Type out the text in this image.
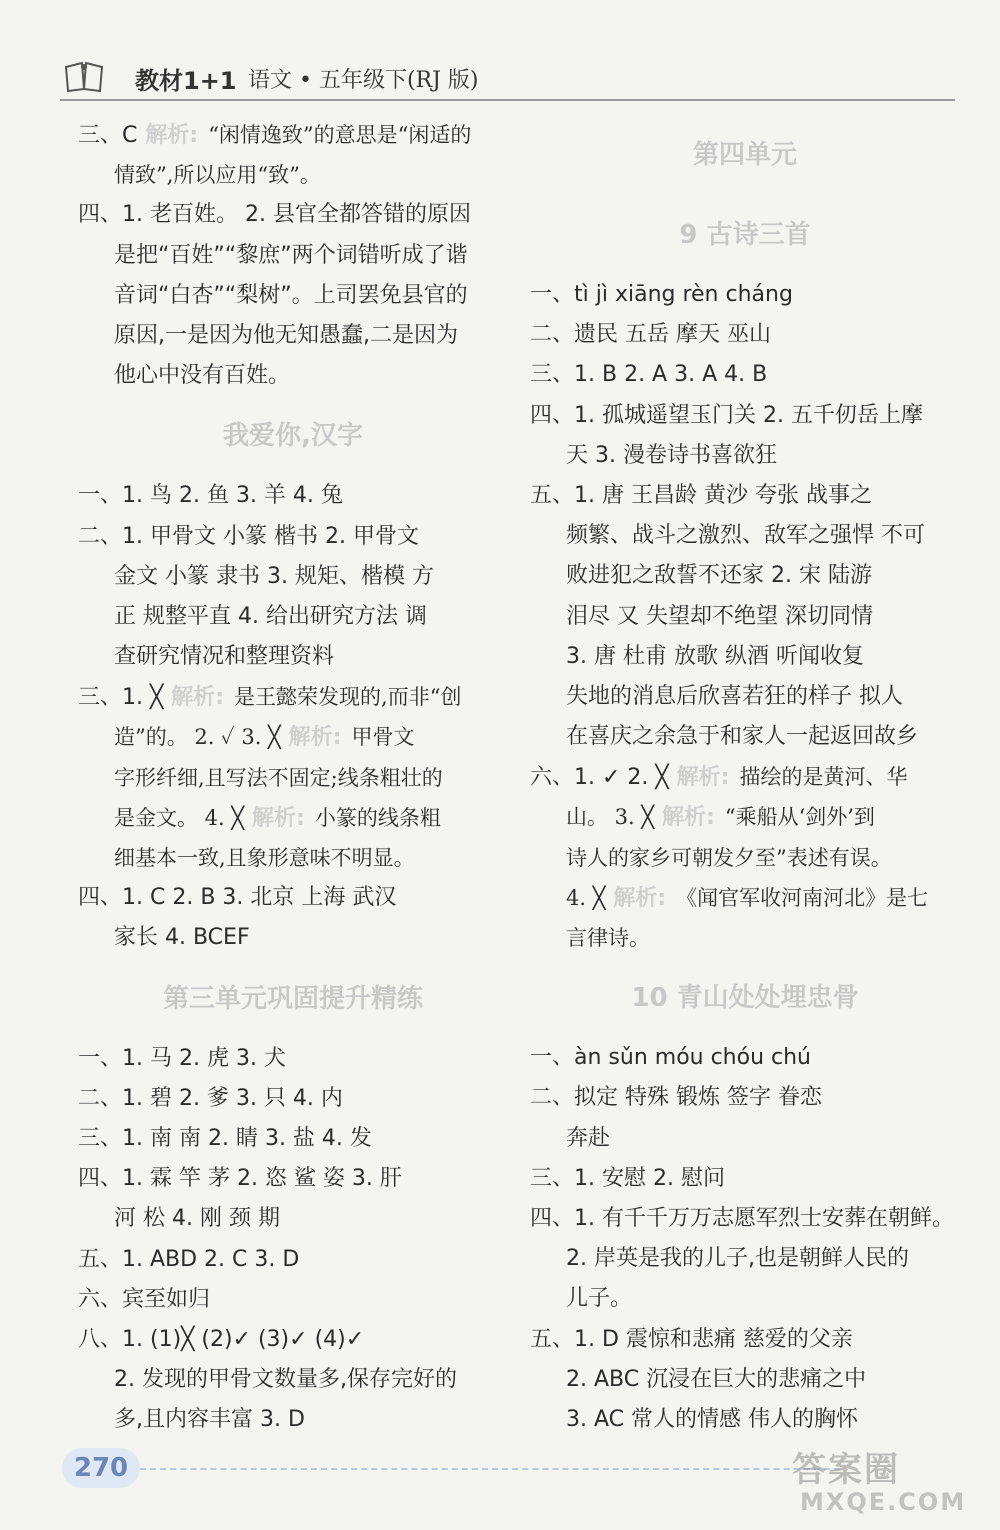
教材1+1 语文 • 五年级下(RJ 版)
三、C 解析: “闲情逸致”的意思是“闲适的
情致”,所以应用“致”。
四、1. 老百姓。 2. 县官全都答错的原因
是把“百姓”“黎庶”两个词错听成了谐
音词“白杏”“梨树”。上司罢免县官的
原因,一是因为他无知愚蠢,二是因为
他心中没有百姓。
我爱你,汉字
一、1. 鸟 2. 鱼 3. 羊 4. 兔
二、1. 甲骨文 小篆 楷书 2. 甲骨文
金文 小篆 隶书 3. 规矩、楷模 方
正 规整平直 4. 给出研究方法 调
查研究情况和整理资料
三、1. ╳ 解析: 是王懿荣发现的,而非“创
造”的。 2. ✓ 3. ╳ 解析: 甲骨文
字形纤细,且写法不固定;线条粗壮的
是金文。 4. ╳ 解析: 小篆的线条粗
细基本一致,且象形意味不明显。
四、1. C 2. B 3. 北京 上海 武汉
家长 4. BCEF
第三单元巩固提升精练
一、1. 马 2. 虎 3. 犬
二、1. 碧 2. 爹 3. 只 4. 内
三、1. 南 南 2. 睛 3. 盐 4. 发
四、1. 霖 竿 茅 2. 恣 鲨 姿 3. 肝
河 松 4. 刚 颈 期
五、1. ABD 2. C 3. D
六、宾至如归
八、1. (1)╳ (2)✓ (3)✓ (4)✓
2. 发现的甲骨文数量多,保存完好的
多,且内容丰富 3. D
第四单元
9 古诗三首
一、tì jì xiāng rèn cháng
二、遗民 五岳 摩天 巫山
三、1. B 2. A 3. A 4. B
四、1. 孤城遥望玉门关 2. 五千仞岳上摩
天 3. 漫卷诗书喜欲狂
五、1. 唐 王昌龄 黄沙 夸张 战事之
频繁、战斗之激烈、敌军之强悍 不可
败进犯之敌誓不还家 2. 宋 陆游
泪尽 又 失望却不绝望 深切同情
3. 唐 杜甫 放歌 纵酒 听闻收复
失地的消息后欣喜若狂的样子 拟人
在喜庆之余急于和家人一起返回故乡
六、1. ✓ 2. ╳ 解析: 描绘的是黄河、华
山。 3. ╳ 解析: “乘船从‘剑外’到
诗人的家乡可朝发夕至”表述有误。
4. ╳ 解析: 《闻官军收河南河北》是七
言律诗。
10 青山处处埋忠骨
一、àn sǔn móu chóu chú
二、拟定 特殊 锻炼 签字 眷恋
奔赴
三、1. 安慰 2. 慰问
四、1. 有千千万万志愿军烈士安葬在朝鲜。
2. 岸英是我的儿子,也是朝鲜人民的
儿子。
五、1. D 震惊和悲痛 慈爱的父亲
2. ABC 沉浸在巨大的悲痛之中
3. AC 常人的情感 伟人的胸怀
270	答案圈
MXQE.COM
